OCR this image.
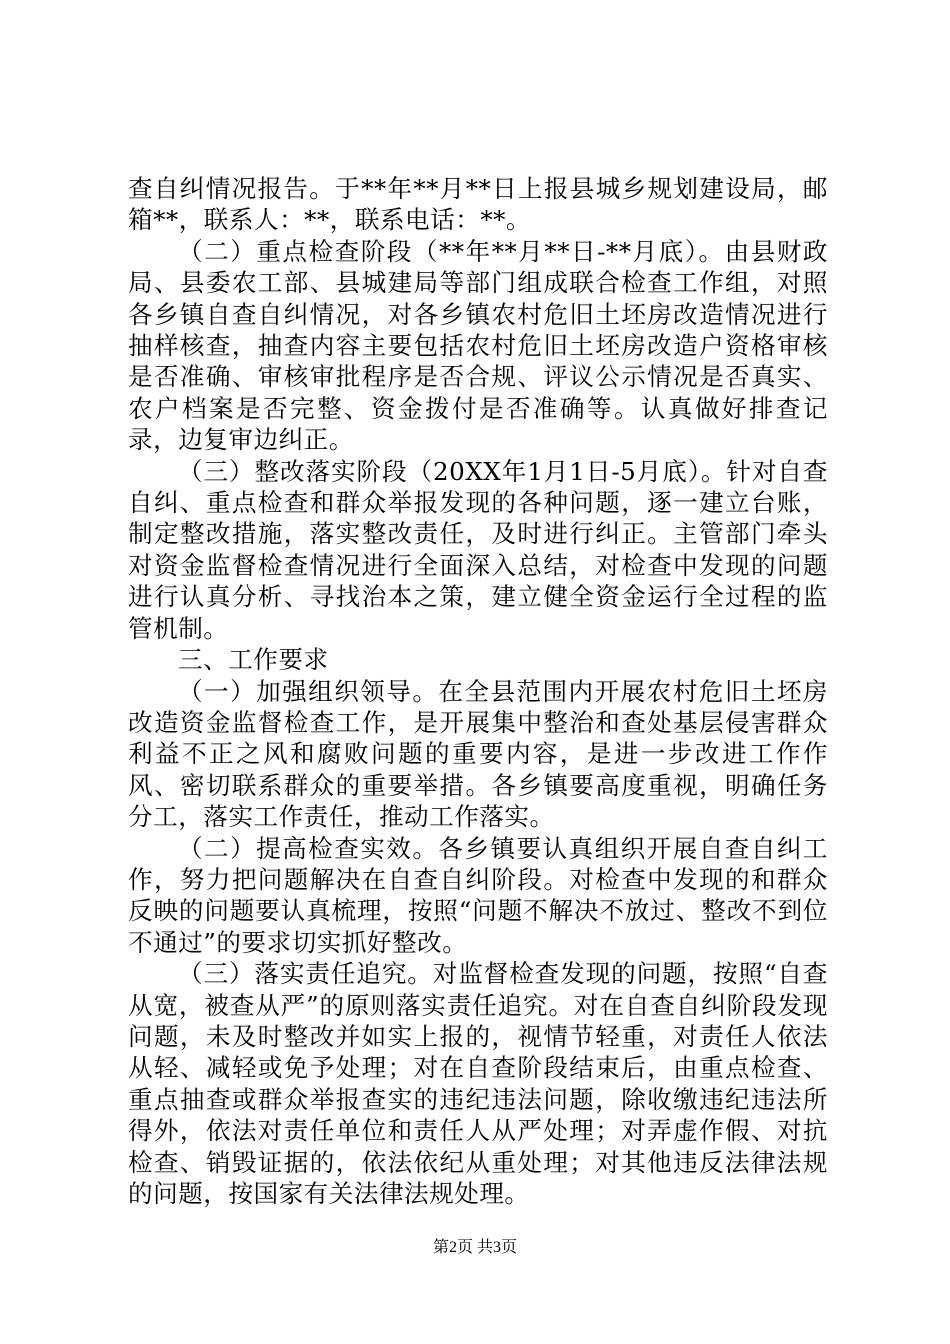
查自纠情况报告。于**年**月**日上报县城乡规划建设局，邮箱**，联系人：**，联系电话：**。

（二）重点检查阶段（**年**月**日-**月底）。由县财政局、县委农工部、县城建局等部门组成联合检查工作组，对照各乡镇自查自纠情况，对各乡镇农村危旧土坯房改造情况进行抽样核查，抽查内容主要包括农村危旧土坯房改造户资格审核是否准确、审核审批程序是否合规、评议公示情况是否真实、农户档案是否完整、资金拨付是否准确等。认真做好排查记录，边复审边纠正。

（三）整改落实阶段（20XX年1月1日-5月底）。针对自查自纠、重点检查和群众举报发现的各种问题，逐一建立台账，制定整改措施，落实整改责任，及时进行纠正。主管部门牵头对资金监督检查情况进行全面深入总结，对检查中发现的问题进行认真分析、寻找治本之策，建立健全资金运行全过程的监管机制。

三、工作要求

（一）加强组织领导。在全县范围内开展农村危旧土坯房改造资金监督检查工作，是开展集中整治和查处基层侵害群众利益不正之风和腐败问题的重要内容，是进一步改进工作作风、密切联系群众的重要举措。各乡镇要高度重视，明确任务分工，落实工作责任，推动工作落实。

（二）提高检查实效。各乡镇要认真组织开展自查自纠工作，努力把问题解决在自查自纠阶段。对检查中发现的和群众反映的问题要认真梳理，按照“问题不解决不放过、整改不到位不通过”的要求切实抓好整改。

（三）落实责任追究。对监督检查发现的问题，按照“自查从宽，被查从严”的原则落实责任追究。对在自查自纠阶段发现问题，未及时整改并如实上报的，视情节轻重，对责任人依法从轻、减轻或免予处理；对在自查阶段结束后，由重点检查、重点抽查或群众举报查实的违纪违法问题，除收缴违纪违法所得外，依法对责任单位和责任人从严处理；对弄虚作假、对抗检查、销毁证据的，依法依纪从重处理；对其他违反法律法规的问题，按国家有关法律法规处理。

第2页 共3页
